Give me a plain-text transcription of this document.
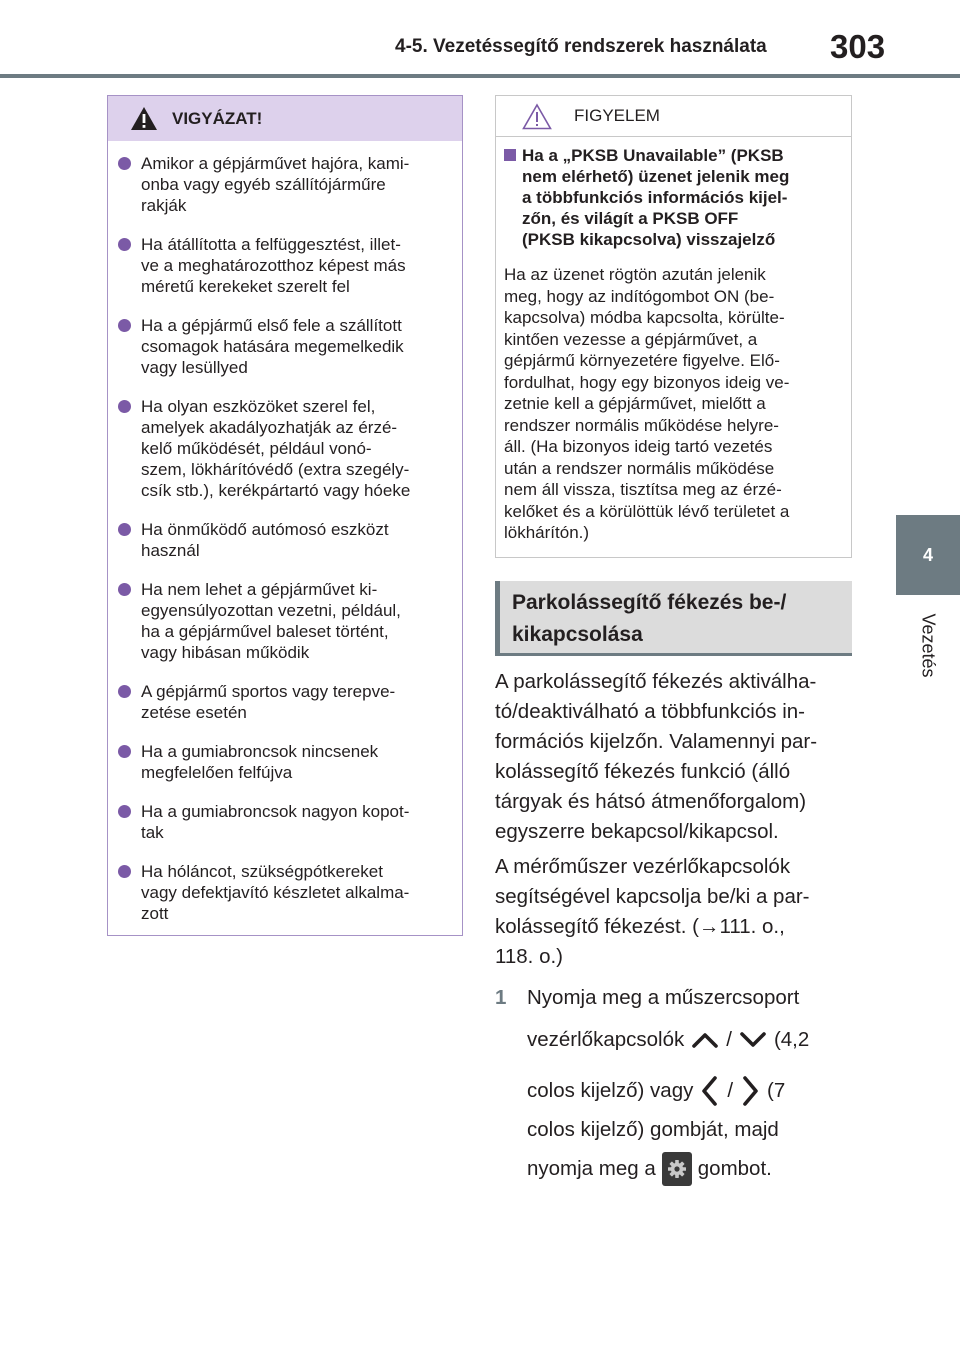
4-5. Vezetéssegítő rendszerek használata 303
4
Vezetés
VIGYÁZAT!
Amikor a gépjárművet hajóra, kami-
onba vagy egyéb szállítójárműre
rakják
Ha átállította a felfüggesztést, illet-
ve a meghatározotthoz képest más
méretű kerekeket szerelt fel
Ha a gépjármű első fele a szállított
csomagok hatására megemelkedik
vagy lesüllyed
Ha olyan eszközöket szerel fel,
amelyek akadályozhatják az érzé-
kelő működését, például vonó-
szem, lökhárítóvédő (extra szegély-
csík stb.), kerékpártartó vagy hóeke
Ha önműködő autómosó eszközt
használ
Ha nem lehet a gépjárművet ki-
egyensúlyozottan vezetni, például,
ha a gépjárművel baleset történt,
vagy hibásan működik
A gépjármű sportos vagy terepve-
zetése esetén
Ha a gumiabroncsok nincsenek
megfelelően felfújva
Ha a gumiabroncsok nagyon kopot-
tak
Ha hóláncot, szükségpótkereket
vagy defektjavító készletet alkalma-
zott
FIGYELEM
Ha a „PKSB Unavailable” (PKSB
nem elérhető) üzenet jelenik meg
a többfunkciós információs kijel-
zőn, és világít a PKSB OFF
(PKSB kikapcsolva) visszajelző
Ha az üzenet rögtön azután jelenik
meg, hogy az indítógombot ON (be-
kapcsolva) módba kapcsolta, körülte-
kintően vezesse a gépjárművet, a
gépjármű környezetére figyelve. Elő-
fordulhat, hogy egy bizonyos ideig ve-
zetnie kell a gépjárművet, mielőtt a
rendszer normális működése helyre-
áll. (Ha bizonyos ideig tartó vezetés
után a rendszer normális működése
nem áll vissza, tisztítsa meg az érzé-
kelőket és a körülöttük lévő területet a
lökhárítón.)
Parkolássegítő fékezés be-/
kikapcsolása
A parkolássegítő fékezés aktiválha-
tó/deaktiválható a többfunkciós in-
formációs kijelzőn. Valamennyi par-
kolássegítő fékezés funkció (álló
tárgyak és hátsó átmenőforgalom)
egyszerre bekapcsol/kikapcsol.
A mérőműszer vezérlőkapcsolók
segítségével kapcsolja be/ki a par-
kolássegítő fékezést. (→111. o.,
118. o.)
1 Nyomja meg a műszercsoport
vezérlőkapcsolók / (4,2
colos kijelző) vagy / (7
colos kijelző) gombját, majd
nyomja meg a gombot.
